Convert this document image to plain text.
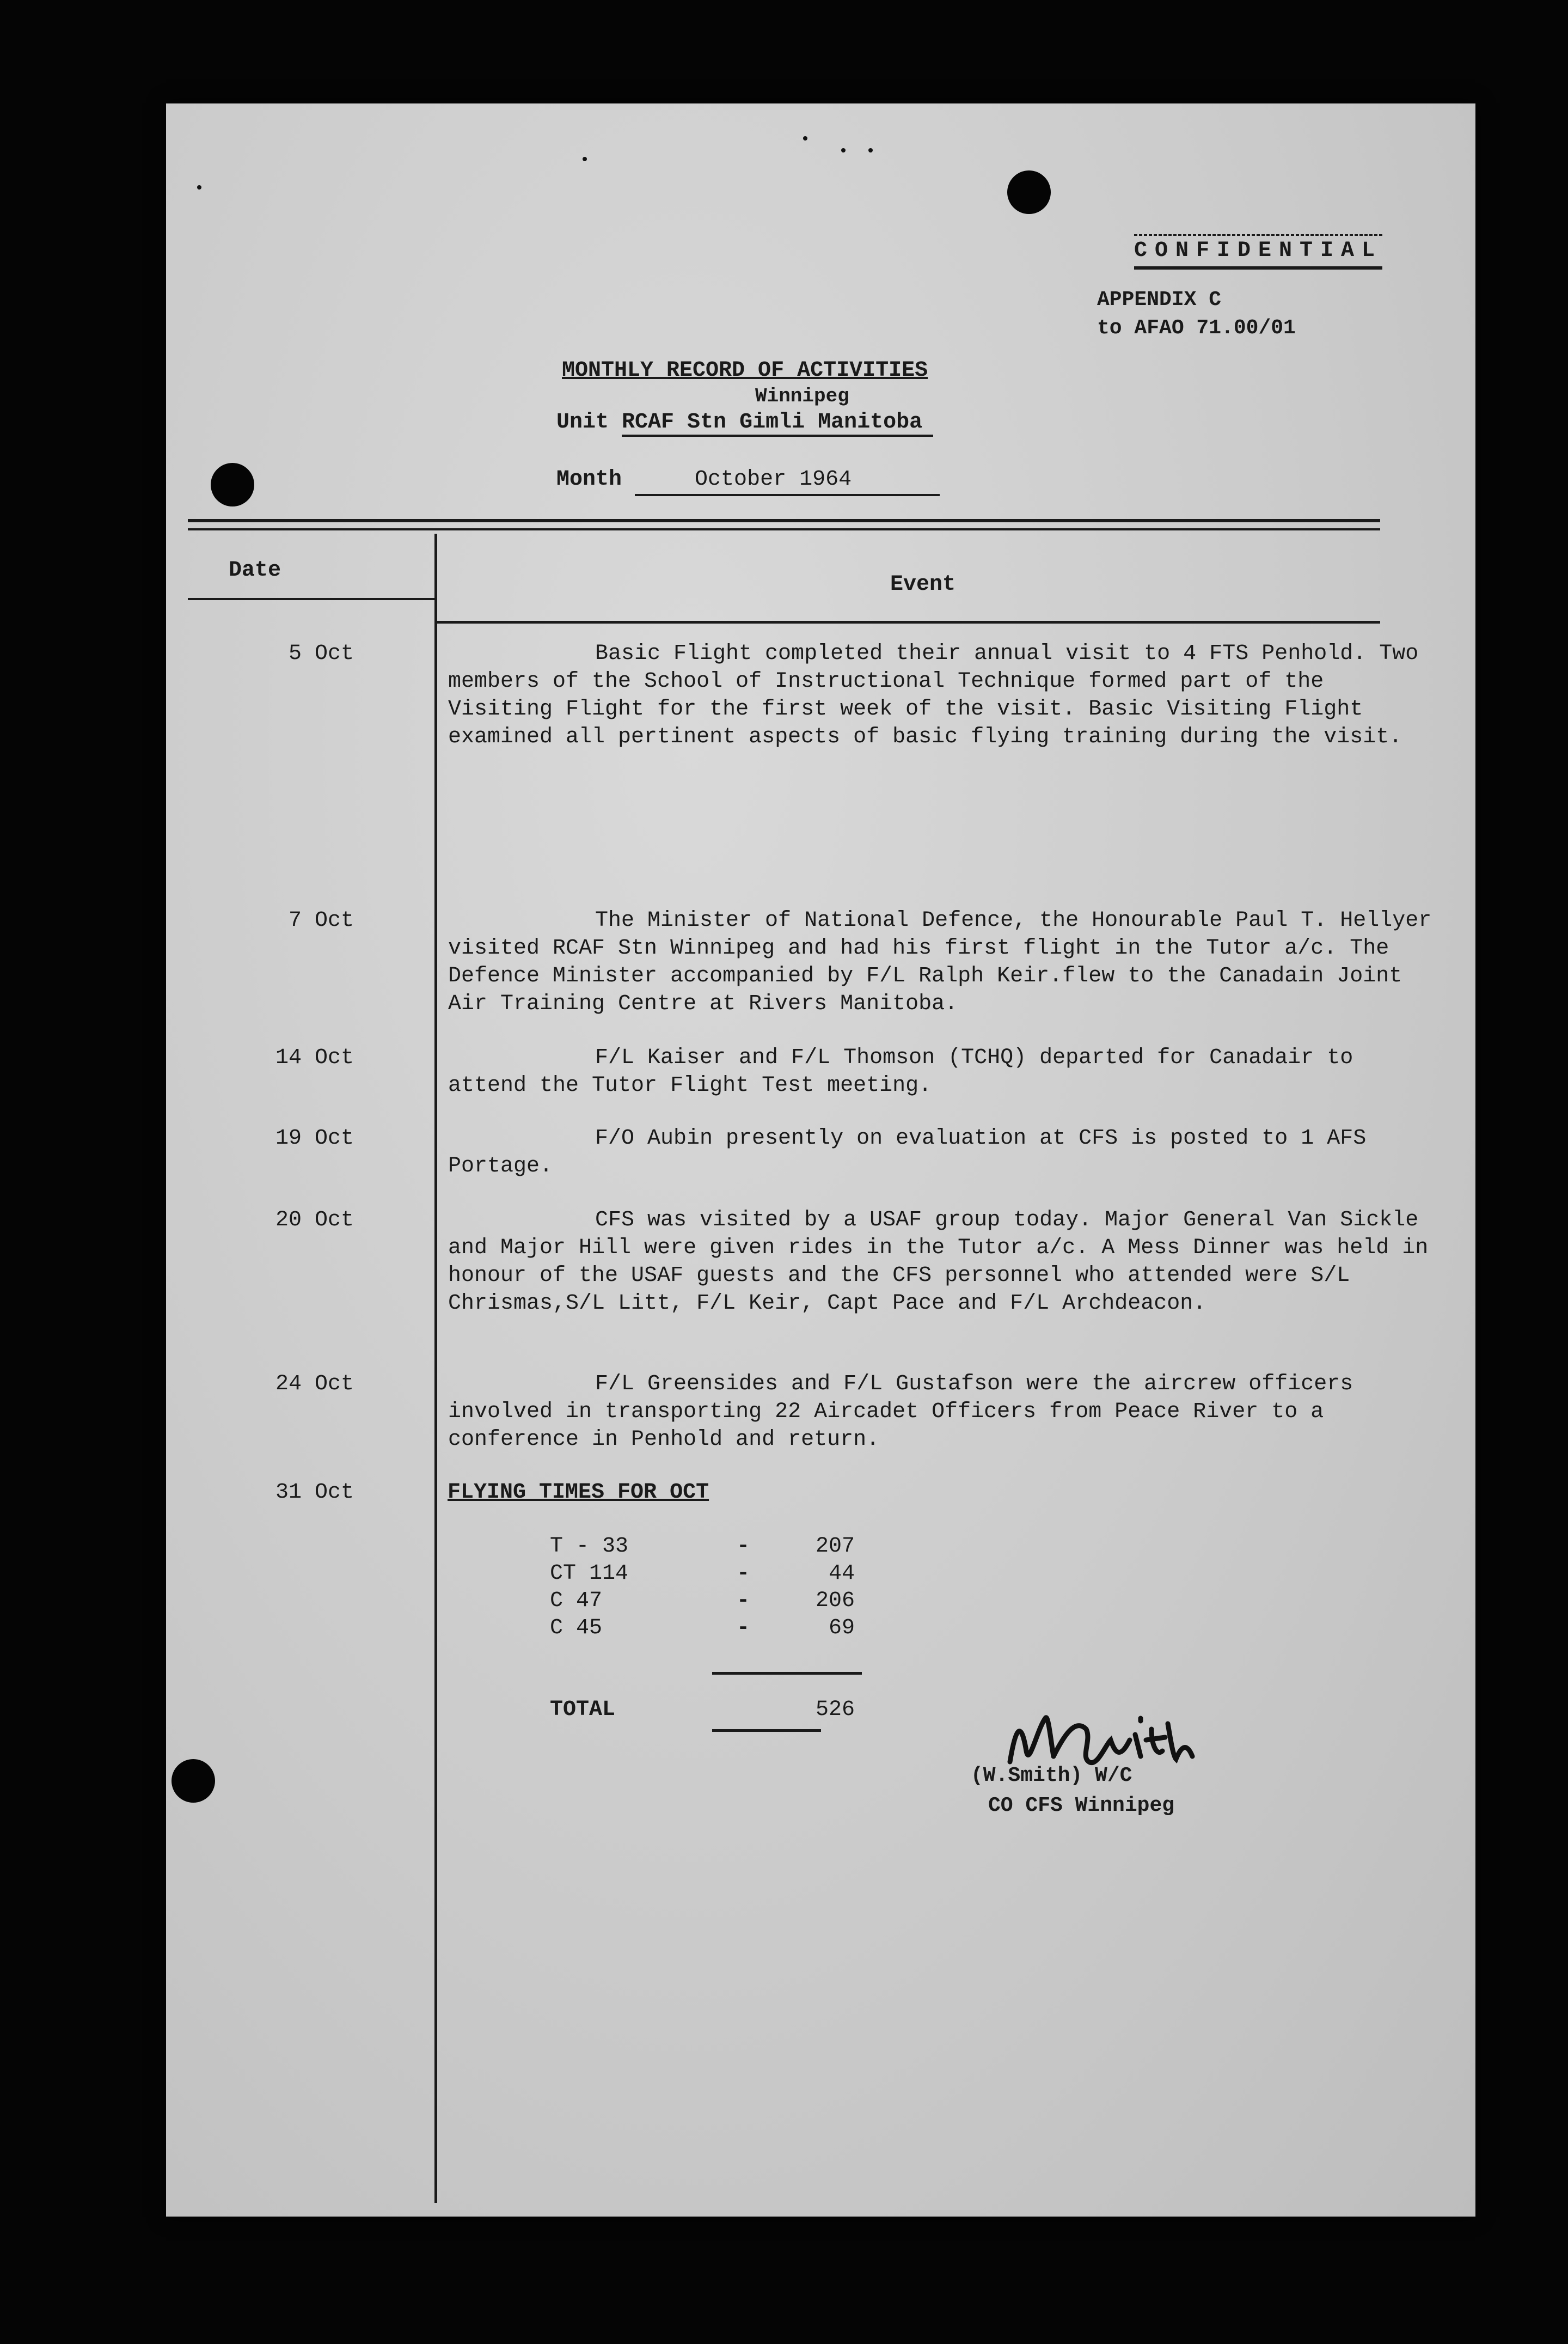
CONFIDENTIAL
APPENDIX C
to AFAO 71.00/01
MONTHLY RECORD OF ACTIVITIES
Winnipeg
Unit RCAF Stn Gimli Manitoba
Month	October 1964
Date
Event
5 Oct	Basic Flight completed their annual visit to 4 FTS Penhold. Two members of the School of Instructional Technique formed part of the Visiting Flight for the first week of the visit. Basic Visiting Flight examined all pertinent aspects of basic flying training during the visit.
7 Oct	The Minister of National Defence, the Honourable Paul T. Hellyer visited RCAF Stn Winnipeg and had his first flight in the Tutor a/c. The Defence Minister accompanied by F/L Ralph Keir.flew to the Canadain Joint Air Training Centre at Rivers Manitoba.
14 Oct	F/L Kaiser and F/L Thomson (TCHQ) departed for Canadair to attend the Tutor Flight Test meeting.
19 Oct	F/O Aubin presently on evaluation at CFS is posted to 1 AFS Portage.
20 Oct	CFS was visited by a USAF group today. Major General Van Sickle and Major Hill were given rides in the Tutor a/c. A Mess Dinner was held in honour of the USAF guests and the CFS personnel who attended were S/L Chrismas,S/L Litt, F/L Keir, Capt Pace and F/L Archdeacon.
24 Oct	F/L Greensides and F/L Gustafson were the aircrew officers involved in transporting 22 Aircadet Officers from Peace River to a conference in Penhold and return.
31 Oct	FLYING TIMES FOR OCT
T - 33	-	207
CT 114	-	44
C 47	-	206
C 45	-	69
TOTAL	526
(W.Smith) W/C
CO CFS Winnipeg
